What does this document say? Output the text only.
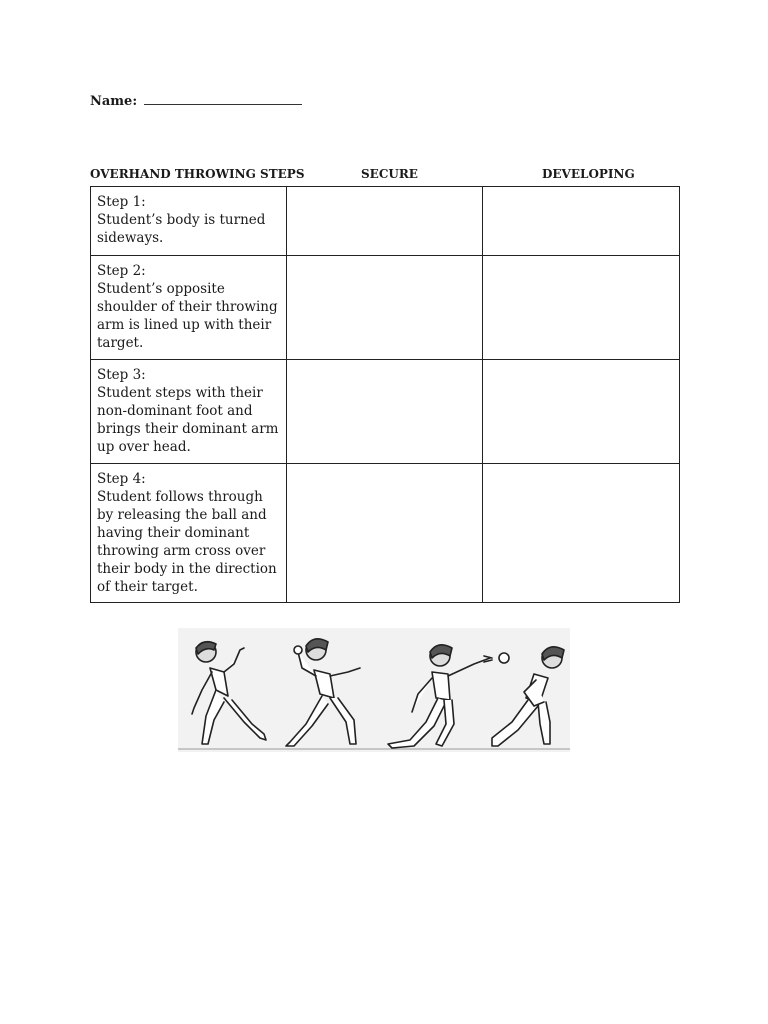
Name:
OVERHAND THROWING STEPS	SECURE	DEVELOPING
Step 1:
Student’s body is turned sideways.		

Step 2:
Student’s opposite shoulder of their throwing arm is lined up with their target.		

Step 3:
Student steps with their non-dominant foot and brings their dominant arm up over head.		

Step 4:
Student follows through by releasing the ball and having their dominant throwing arm cross over their body in the direction of their target.		
